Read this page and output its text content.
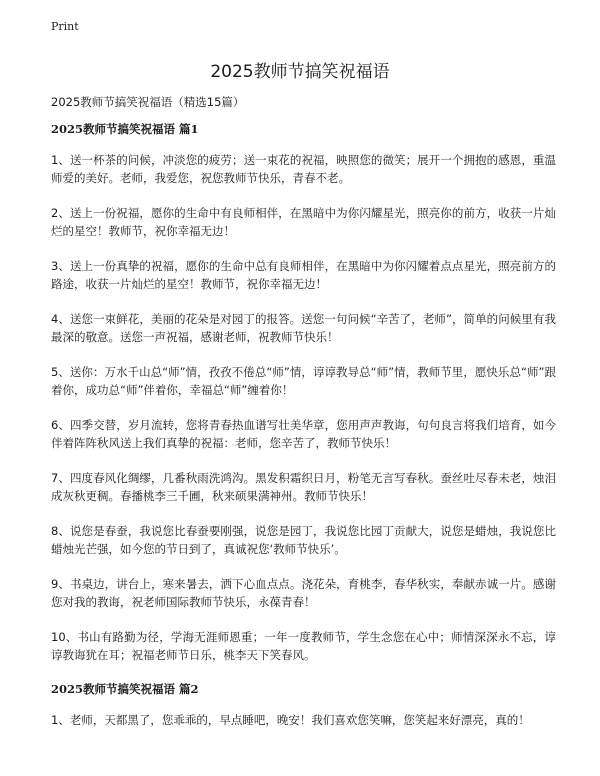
Print
2025教师节搞笑祝福语

2025教师节搞笑祝福语（精选15篇）

2025教师节搞笑祝福语 篇1

1、送一杯茶的问候，冲淡您的疲劳；送一束花的祝福，映照您的微笑；展开一个拥抱的感恩，重温师爱的美好。老师，我爱您，祝您教师节快乐，青春不老。

2、送上一份祝福，愿你的生命中有良师相伴，在黑暗中为你闪耀星光，照亮你的前方，收获一片灿烂的星空！教师节，祝你幸福无边！

3、送上一份真挚的祝福，愿你的生命中总有良师相伴，在黑暗中为你闪耀着点点星光，照亮前方的路途，收获一片灿烂的星空！教师节，祝你幸福无边！

4、送您一束鲜花，美丽的花朵是对园丁的报答。送您一句问候“辛苦了，老师”，简单的问候里有我最深的敬意。送您一声祝福，感谢老师，祝教师节快乐！

5、送你：万水千山总“师”情，孜孜不倦总“师”情，谆谆教导总“师”情，教师节里，愿快乐总“师”跟着你，成功总“师”伴着你，幸福总“师”缠着你！

6、四季交替，岁月流转，您将青春热血谱写壮美华章，您用声声教诲，句句良言将我们培育，如今伴着阵阵秋风送上我们真挚的祝福：老师，您辛苦了，教师节快乐！

7、四度春风化绸缪，几番秋雨洗鸿沟。黑发积霜织日月，粉笔无言写春秋。蚕丝吐尽春未老，烛泪成灰秋更稠。春播桃李三千圃，秋来硕果满神州。教师节快乐！

8、说您是春蚕，我说您比春蚕要刚强，说您是园丁，我说您比园丁贡献大，说您是蜡烛，我说您比蜡烛光芒强，如今您的节日到了，真诚祝您‘教师节快乐’。

9、书桌边，讲台上，寒来暑去，洒下心血点点。浇花朵，育桃李，春华秋实，奉献赤诚一片。感谢您对我的教诲，祝老师国际教师节快乐，永葆青春！

10、书山有路勤为径，学海无涯师恩重；一年一度教师节，学生念您在心中；师情深深永不忘，谆谆教诲犹在耳；祝福老师节日乐，桃李天下笑春风。

2025教师节搞笑祝福语 篇2

1、老师，天都黑了，您乖乖的，早点睡吧，晚安！我们喜欢您笑嘛，您笑起来好漂亮，真的！
